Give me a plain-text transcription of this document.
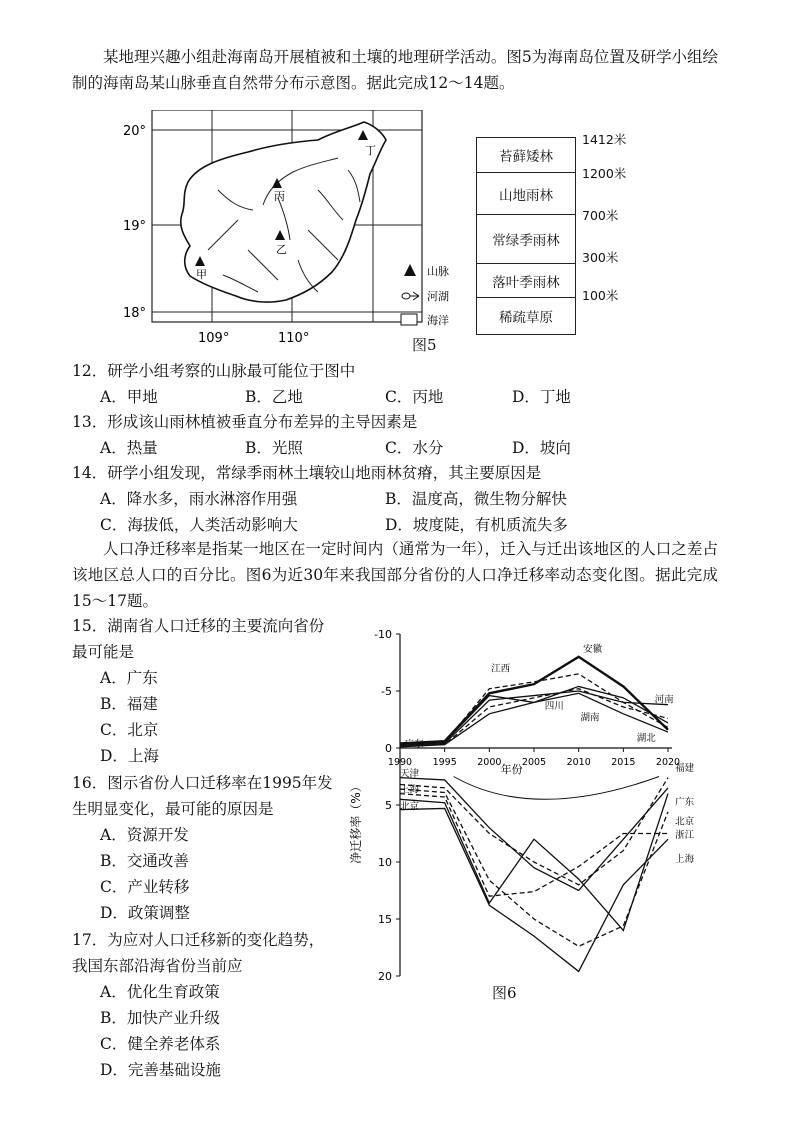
某地理兴趣小组赴海南岛开展植被和土壤的地理研学活动。图5为海南岛位置及研学小组绘制的海南岛某山脉垂直自然带分布示意图。据此完成12～14题。
甲
乙
丙
丁
20°
19°
18°
109°	110°
山脉
河湖
海洋
图5
苔藓矮林
山地雨林
常绿季雨林
落叶季雨林
稀疏草原
1412米
1200米
700米
300米
100米
12．研学小组考察的山脉最可能位于图中
A．甲地	B．乙地	C．丙地	D．丁地
13．形成该山雨林植被垂直分布差异的主导因素是
A．热量	B．光照	C．水分	D．坡向
14．研学小组发现，常绿季雨林土壤较山地雨林贫瘠，其主要原因是
A．降水多，雨水淋溶作用强	B．温度高，微生物分解快
C．海拔低，人类活动影响大	D．坡度陡，有机质流失多
人口净迁移率是指某一地区在一定时间内（通常为一年），迁入与迁出该地区的人口之差占该地区总人口的百分比。图6为近30年来我国部分省份的人口净迁移率动态变化图。据此完成15～17题。
15．湖南省人口迁移的主要流向省份
最可能是
A．广东
B．福建
C．北京
D．上海
16．图示省份人口迁移率在1995年发
生明显变化，最可能的原因是
A．资源开发
B．交通改善
C．产业转移
D．政策调整
17．为应对人口迁移新的变化趋势，
我国东部沿海省份当前应
A．优化生育政策
B．加快产业升级
C．健全养老体系
D．完善基础设施
-10
-5
0
5
10
15
20
1990 1995 2000 2005 2010 2015 2020
年份
净迁移率（%）
江西
安徽
河南
四川
湖南
湖北
广东
广东
福建
天津
北京
北京
浙江
上海
上海
图6
